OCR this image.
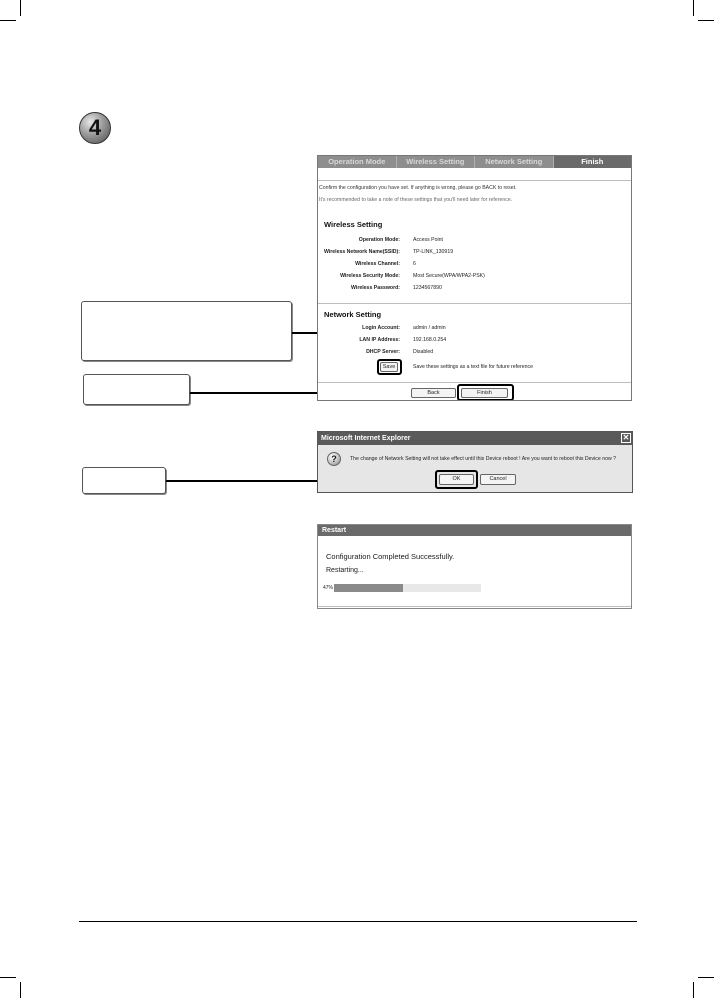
4
Operation Mode	Wireless Setting	Network Setting	Finish
Confirm the configuration you have set. If anything is wrong, please go BACK to reset.
It's recommended to take a note of these settings that you'll need later for reference.
Wireless Setting
Operation Mode:	Access Point
Wireless Network Name(SSID):	TP-LINK_130919
Wireless Channel:	6
Wireless Security Mode:	Most Secure(WPA/WPA2-PSK)
Wireless Password:	1234567890
Network Setting
Login Account:	admin / admin
LAN IP Address:	192.168.0.254
DHCP Server:	Disabled
Save	Save these settings as a text file for future reference
Back	Finish
Microsoft Internet Explorer	✕
?	The change of Network Setting will not take effect until this Device reboot ! Are you want to reboot this Device now ?
OK	Cancel
Restart
Configuration Completed Successfully.
Restarting...
47%
